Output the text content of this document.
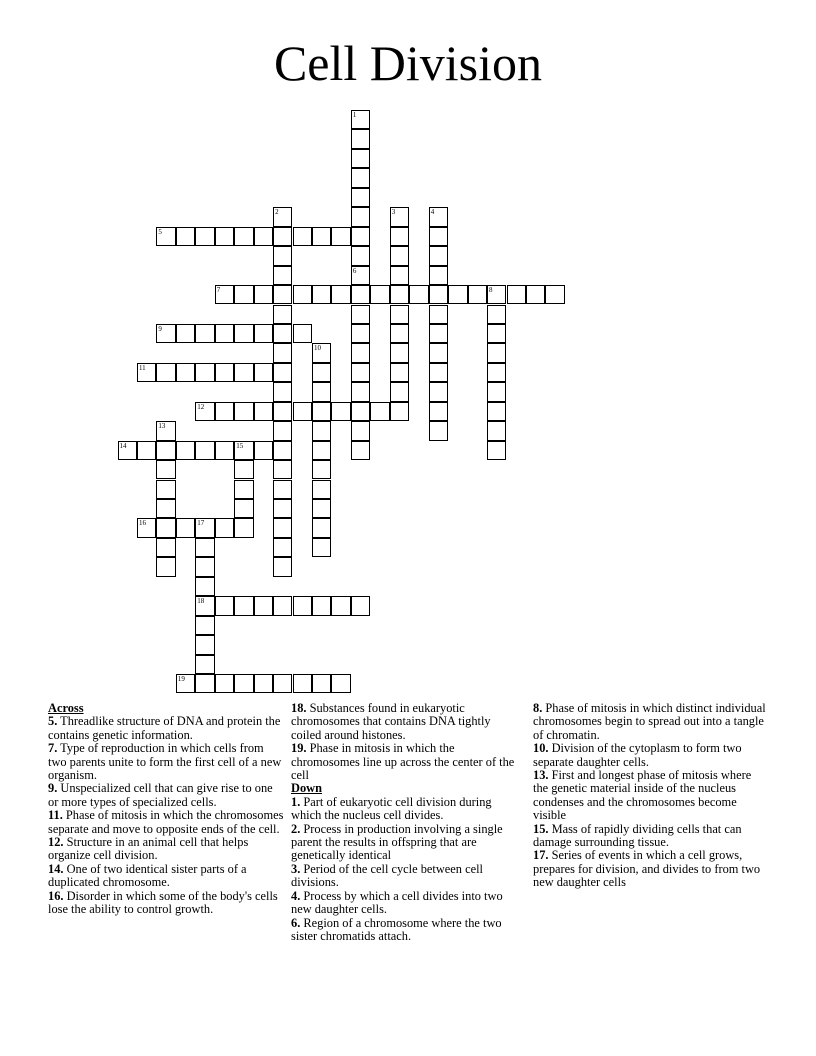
Cell Division
1
6
2	3	4
5
7	8
9
10
11
12
13
14	15
16	17
18
19
Across
5. Threadlike structure of DNA and protein the contains genetic information.
7. Type of reproduction in which cells from two parents unite to form the first cell of a new organism.
9. Unspecialized cell that can give rise to one or more types of specialized cells.
11. Phase of mitosis in which the chromosomes separate and move to opposite ends of the cell.
12. Structure in an animal cell that helps organize cell division.
14. One of two identical sister parts of a duplicated chromosome.
16. Disorder in which some of the body's cells lose the ability to control growth.
18. Substances found in eukaryotic chromosomes that contains DNA tightly coiled around histones.
19. Phase in mitosis in which the chromosomes line up across the center of the cell
Down
1. Part of eukaryotic cell division during which the nucleus cell divides.
2. Process in production involving a single parent the results in offspring that are genetically identical
3. Period of the cell cycle between cell divisions.
4. Process by which a cell divides into two new daughter cells.
6. Region of a chromosome where the two sister chromatids attach.
8. Phase of mitosis in which distinct individual chromosomes begin to spread out into a tangle of chromatin.
10. Division of the cytoplasm to form two separate daughter cells.
13. First and longest phase of mitosis where the genetic material inside of the nucleus condenses and the chromosomes become visible
15. Mass of rapidly dividing cells that can damage surrounding tissue.
17. Series of events in which a cell grows, prepares for division, and divides to from two new daughter cells
